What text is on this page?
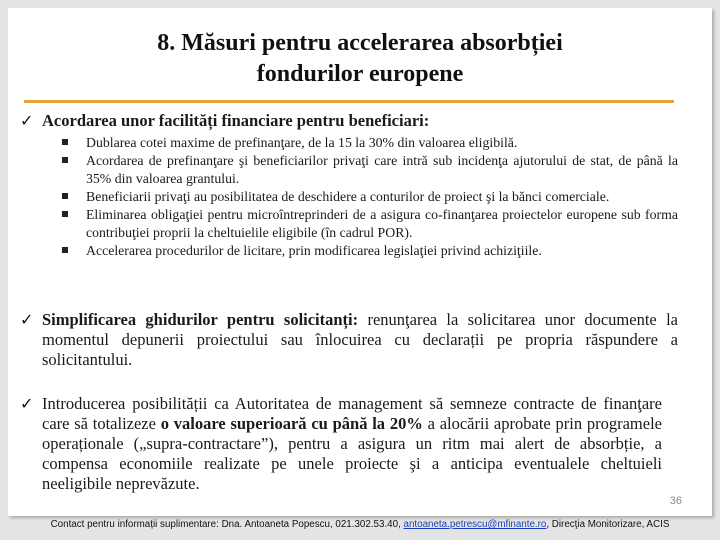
8. Măsuri pentru accelerarea absorbției
fondurilor europene
✓ Acordarea unor facilități financiare pentru beneficiari:
Dublarea cotei maxime de prefinanţare, de la 15 la 30% din valoarea eligibilă.
Acordarea de prefinanţare şi beneficiarilor privaţi care intră sub incidenţa ajutorului de stat, de până la 35% din valoarea grantului.
Beneficiarii privaţi au posibilitatea de deschidere a conturilor de proiect şi la bănci comerciale.
Eliminarea obligaţiei pentru microîntreprinderi de a asigura co-finanţarea proiectelor europene sub forma contribuţiei proprii la cheltuielile eligibile (în cadrul POR).
Accelerarea procedurilor de licitare, prin modificarea legislaţiei privind achiziţiile.
✓ Simplificarea ghidurilor pentru solicitanți: renunţarea la solicitarea unor documente la momentul depunerii proiectului sau înlocuirea cu declarații pe propria răspundere a solicitantului.
✓ Introducerea posibilității ca Autoritatea de management să semneze contracte de finanţare care să totalizeze o valoare superioară cu până la 20% a alocării aprobate prin programele operaționale („supra-contractare”), pentru a asigura un ritm mai alert de absorbție, a compensa economiile realizate pe unele proiecte şi a anticipa eventualele cheltuieli neeligibile neprevăzute.
36
Contact pentru informații suplimentare: Dna. Antoaneta Popescu, 021.302.53.40, antoaneta.petrescu@mfinante.ro, Direcţia Monitorizare, ACIS
